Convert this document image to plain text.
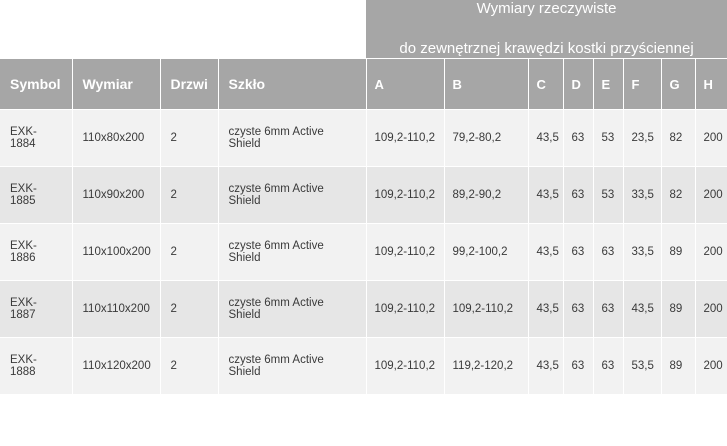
				Wymiary rzeczywiste
do zewnętrznej krawędzi kostki przyściennej							

Symbol	Wymiar	Drzwi	Szkło	A	B	C	D	E	F	G	H
EXK-1884	110x80x200	2	czyste 6mm Active Shield	109,2-110,2	79,2-80,2	43,5	63	53	23,5	82	200
EXK-1885	110x90x200	2	czyste 6mm Active Shield	109,2-110,2	89,2-90,2	43,5	63	53	33,5	82	200
EXK-1886	110x100x200	2	czyste 6mm Active Shield	109,2-110,2	99,2-100,2	43,5	63	63	33,5	89	200
EXK-1887	110x110x200	2	czyste 6mm Active Shield	109,2-110,2	109,2-110,2	43,5	63	63	43,5	89	200
EXK-1888	110x120x200	2	czyste 6mm Active Shield	109,2-110,2	119,2-120,2	43,5	63	63	53,5	89	200
